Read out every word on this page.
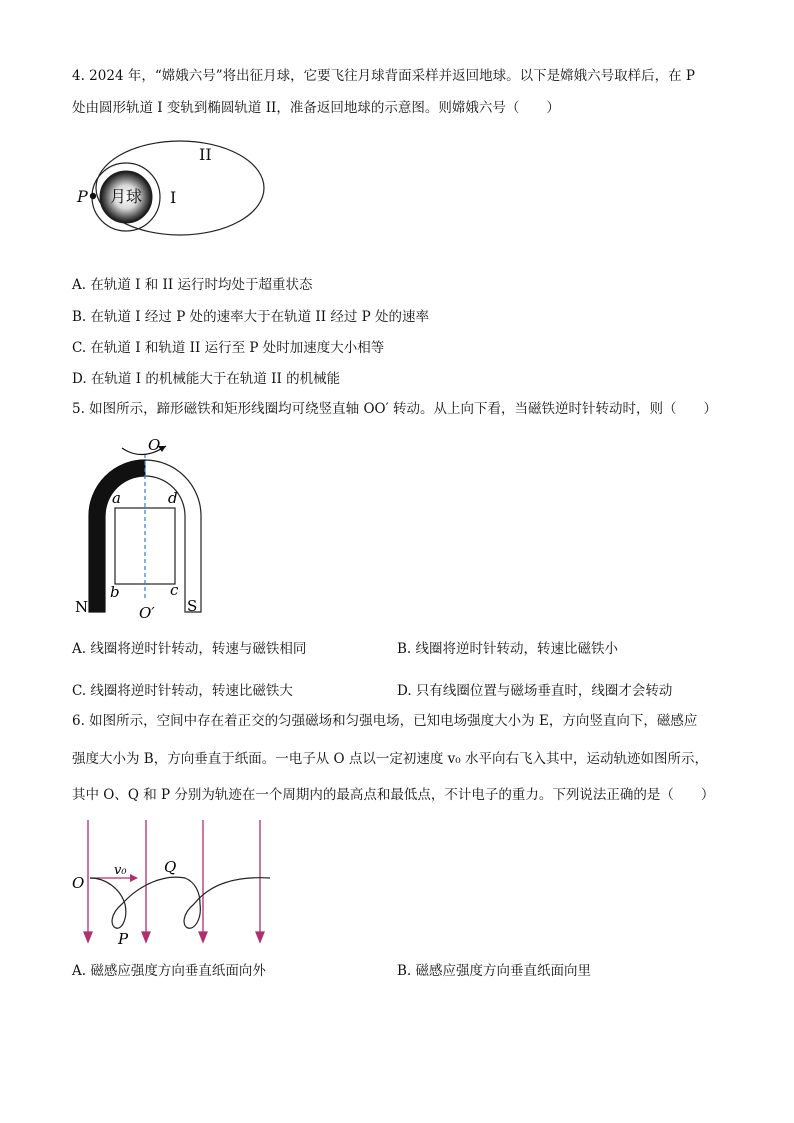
4. 2024 年，“嫦娥六号”将出征月球，它要飞往月球背面采样并返回地球。以下是嫦娥六号取样后，在 P
处由圆形轨道 I 变轨到椭圆轨道 II，准备返回地球的示意图。则嫦娥六号（　　）
月球
P	I
II
A. 在轨道 I 和 II 运行时均处于超重状态
B. 在轨道 I 经过 P 处的速率大于在轨道 II 经过 P 处的速率
C. 在轨道 I 和轨道 II 运行至 P 处时加速度大小相等
D. 在轨道 I 的机械能大于在轨道 II 的机械能
5. 如图所示，蹄形磁铁和矩形线圈均可绕竖直轴 OO′ 转动。从上向下看，当磁铁逆时针转动时，则（　　）
O
O′
a	d
b	c
N	S
A. 线圈将逆时针转动，转速与磁铁相同	B. 线圈将逆时针转动，转速比磁铁小
C. 线圈将逆时针转动，转速比磁铁大	D. 只有线圈位置与磁场垂直时，线圈才会转动
6. 如图所示，空间中存在着正交的匀强磁场和匀强电场，已知电场强度大小为 E，方向竖直向下，磁感应
强度大小为 B，方向垂直于纸面。一电子从 O 点以一定初速度 v₀ 水平向右飞入其中，运动轨迹如图所示，
其中 O、Q 和 P 分别为轨迹在一个周期内的最高点和最低点，不计电子的重力。下列说法正确的是（　　）
O
v₀ Q
P
A. 磁感应强度方向垂直纸面向外	B. 磁感应强度方向垂直纸面向里
